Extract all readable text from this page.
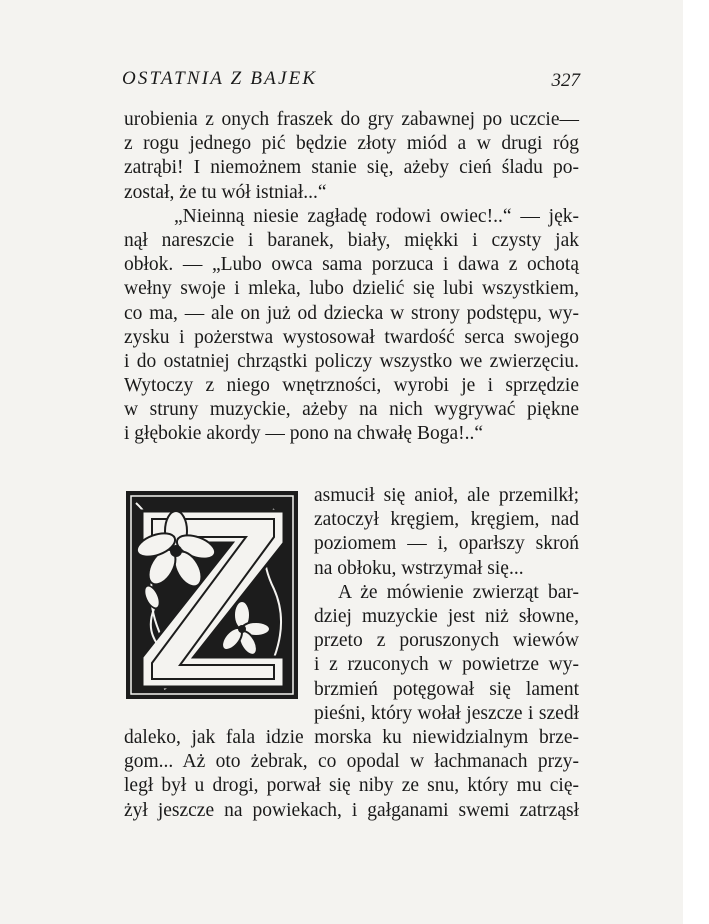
OSTATNIA Z BAJEK	327
urobienia z onych fraszek do gry zabawnej po uczcie—
z rogu jednego pić będzie złoty miód a w drugi róg
zatrąbi! I niemożnem stanie się, ażeby cień śladu po-
został, że tu wół istniał...“
„Nieinną niesie zagładę rodowi owiec!..“ — jęk-
nął nareszcie i baranek, biały, miękki i czysty jak
obłok. — „Lubo owca sama porzuca i dawa z ochotą
wełny swoje i mleka, lubo dzielić się lubi wszystkiem,
co ma, — ale on już od dziecka w strony podstępu, wy-
zysku i pożerstwa wystosował twardość serca swojego
i do ostatniej chrząstki policzy wszystko we zwierzęciu.
Wytoczy z niego wnętrzności, wyrobi je i sprzędzie
w struny muzyckie, ażeby na nich wygrywać piękne
i głębokie akordy — pono na chwałę Boga!..“
asmucił się anioł, ale przemilkł;
zatoczył kręgiem, kręgiem, nad
poziomem — i, oparłszy skroń
na obłoku, wstrzymał się...
A że mówienie zwierząt bar-
dziej muzyckie jest niż słowne,
przeto z poruszonych wiewów
i z rzuconych w powietrze wy-
brzmień potęgował się lament
pieśni, który wołał jeszcze i szedł
daleko, jak fala idzie morska ku niewidzialnym brze-
gom... Aż oto żebrak, co opodal w łachmanach przy-
legł był u drogi, porwał się niby ze snu, który mu cię-
żył jeszcze na powiekach, i gałganami swemi zatrząsł
